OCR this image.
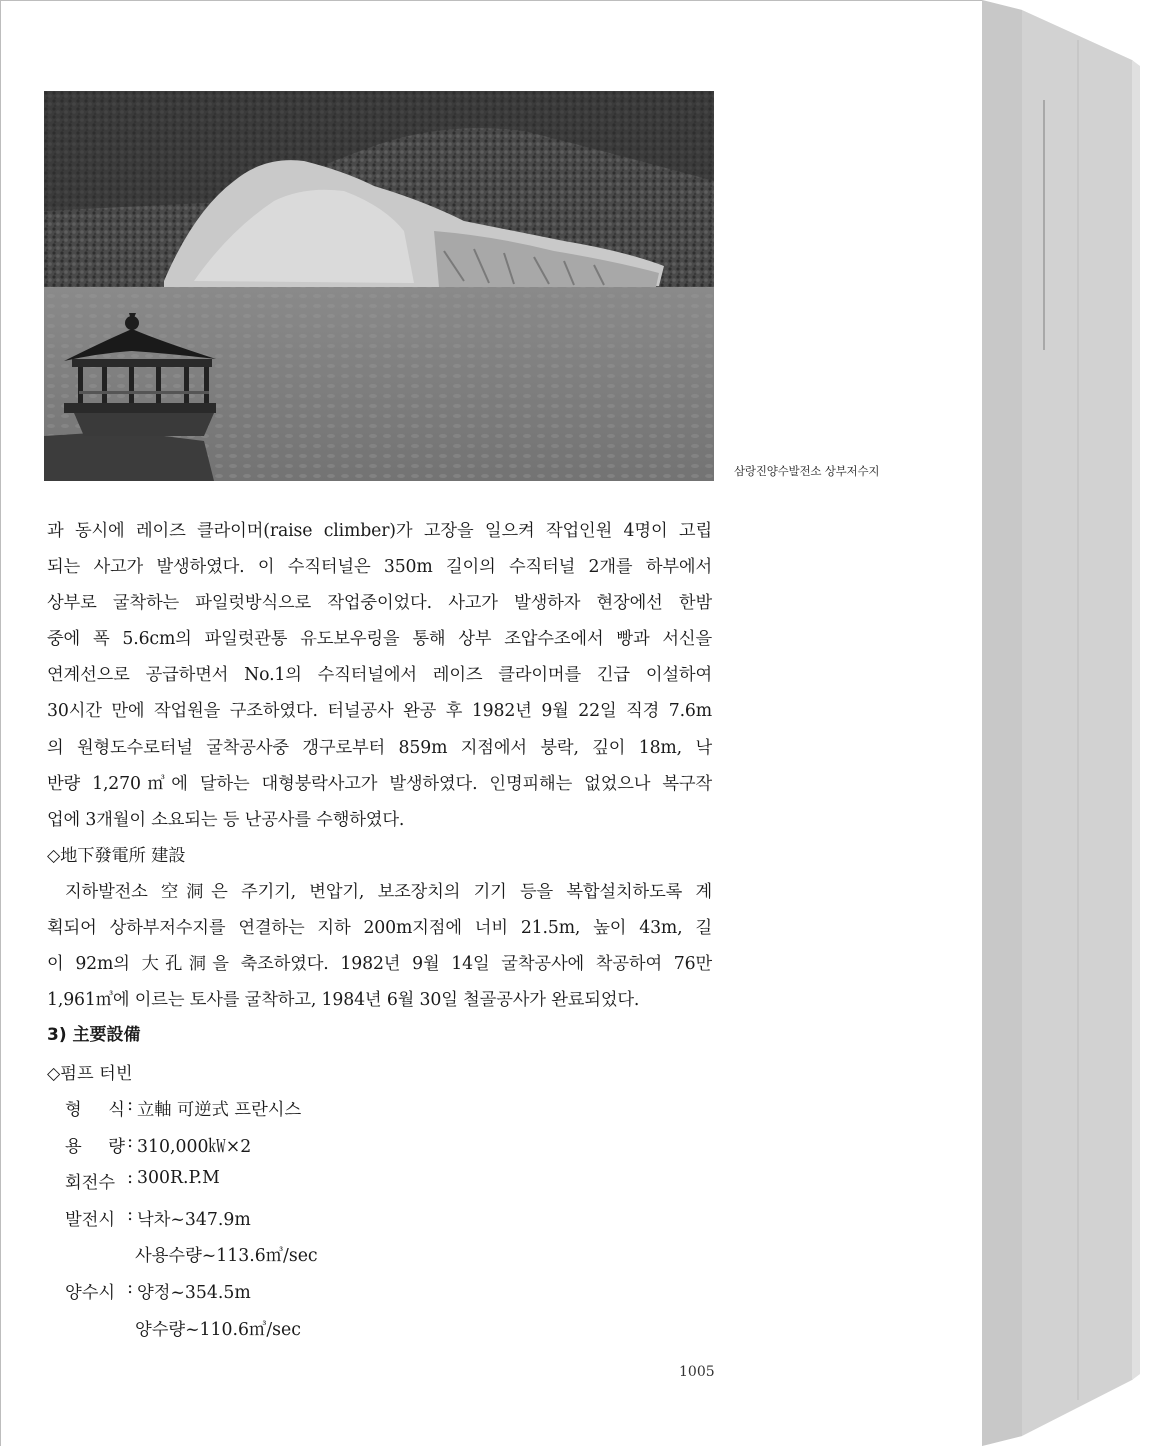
삼랑진양수발전소 상부저수지
과 동시에 레이즈 클라이머(raise climber)가 고장을 일으켜 작업인원 4명이 고립
되는 사고가 발생하였다. 이 수직터널은 350m 길이의 수직터널 2개를 하부에서
상부로 굴착하는 파일럿방식으로 작업중이었다. 사고가 발생하자 현장에선 한밤
중에 폭 5.6cm의 파일럿관통 유도보우링을 통해 상부 조압수조에서 빵과 서신을
연계선으로 공급하면서 No.1의 수직터널에서 레이즈 클라이머를 긴급 이설하여
30시간 만에 작업원을 구조하였다. 터널공사 완공 후 1982년 9월 22일 직경 7.6m
의 원형도수로터널 굴착공사중 갱구로부터 859m 지점에서 붕락, 깊이 18m, 낙
반량 1,270㎥에 달하는 대형붕락사고가 발생하였다. 인명피해는 없었으나 복구작
업에 3개월이 소요되는 등 난공사를 수행하였다.
◇地下發電所 建設
지하발전소 空洞은 주기기, 변압기, 보조장치의 기기 등을 복합설치하도록 계
획되어 상하부저수지를 연결하는 지하 200m지점에 너비 21.5m, 높이 43m, 길
이 92m의 大孔洞을 축조하였다. 1982년 9월 14일 굴착공사에 착공하여 76만
1,961㎥에 이르는 토사를 굴착하고, 1984년 6월 30일 철골공사가 완료되었다.
3) 主要設備
◇펌프 터빈
형 식 : 立軸 可逆式 프란시스
용 량 : 310,000㎾×2
회전수 : 300R.P.M
발전시 : 낙차~347.9m
사용수량~113.6㎥/sec
양수시 : 양정~354.5m
양수량~110.6㎥/sec
1005
